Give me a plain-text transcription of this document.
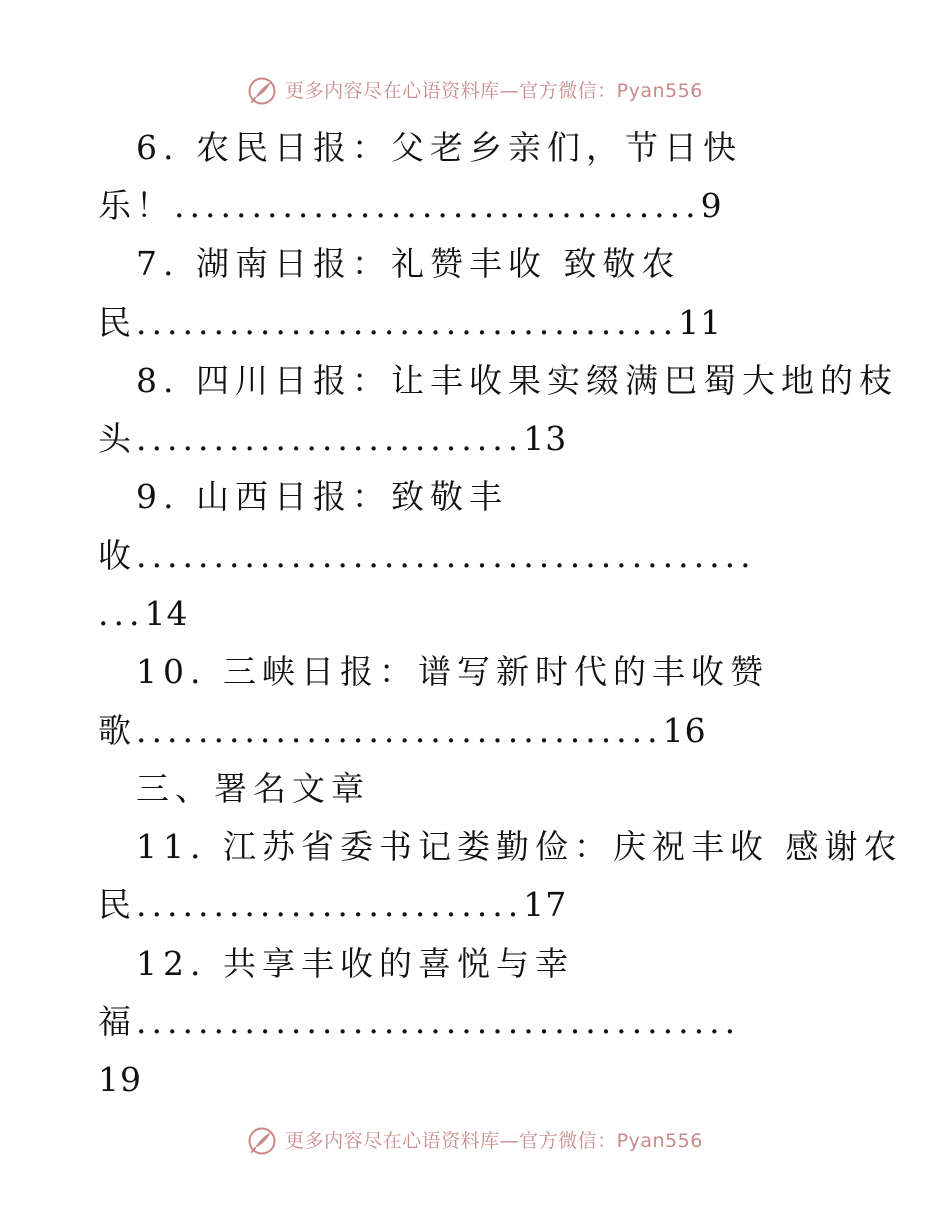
更多内容尽在心语资料库—官方微信：Pyan556
6. 农民日报：父老乡亲们，节日快
乐！..................................9
7. 湖南日报：礼赞丰收 致敬农
民...................................11
8. 四川日报：让丰收果实缀满巴蜀大地的枝
头.........................13
9. 山西日报：致敬丰
收........................................
...14
10. 三峡日报：谱写新时代的丰收赞
歌..................................16
三、署名文章
11. 江苏省委书记娄勤俭：庆祝丰收 感谢农
民.........................17
12. 共享丰收的喜悦与幸
福.......................................
19
更多内容尽在心语资料库—官方微信：Pyan556
